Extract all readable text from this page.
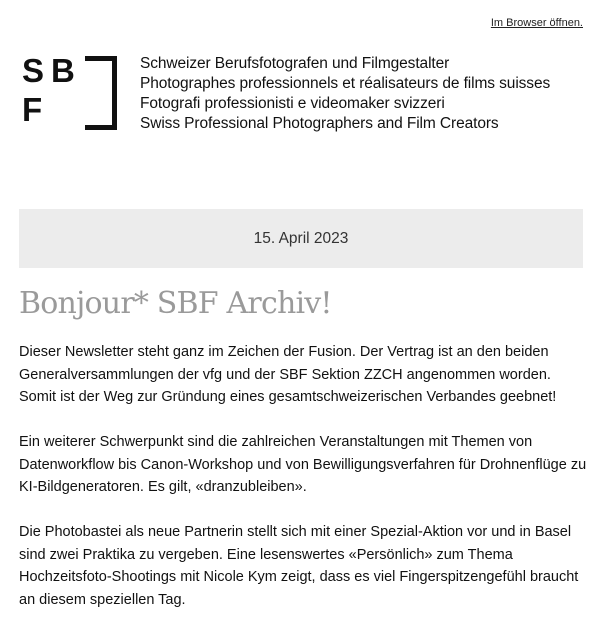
Im Browser öffnen.
S B
F
Schweizer Berufsfotografen und Filmgestalter
Photographes professionnels et réalisateurs de films suisses
Fotografi professionisti e videomaker svizzeri
Swiss Professional Photographers and Film Creators
15. April 2023
Bonjour* SBF Archiv!

Dieser Newsletter steht ganz im Zeichen der Fusion. Der Vertrag ist an den beiden Generalversammlungen der vfg und der SBF Sektion ZZCH angenommen worden. Somit ist der Weg zur Gründung eines gesamtschweizerischen Verbandes geebnet!

Ein weiterer Schwerpunkt sind die zahlreichen Veranstaltungen mit Themen von Datenworkflow bis Canon-Workshop und von Bewilligungsverfahren für Drohnenflüge zu KI-Bildgeneratoren. Es gilt, «dranzubleiben».

Die Photobastei als neue Partnerin stellt sich mit einer Spezial-Aktion vor und in Basel sind zwei Praktika zu vergeben. Eine lesenswertes «Persönlich» zum Thema Hochzeitsfoto-Shootings mit Nicole Kym zeigt, dass es viel Fingerspitzengefühl braucht an diesem speziellen Tag.
